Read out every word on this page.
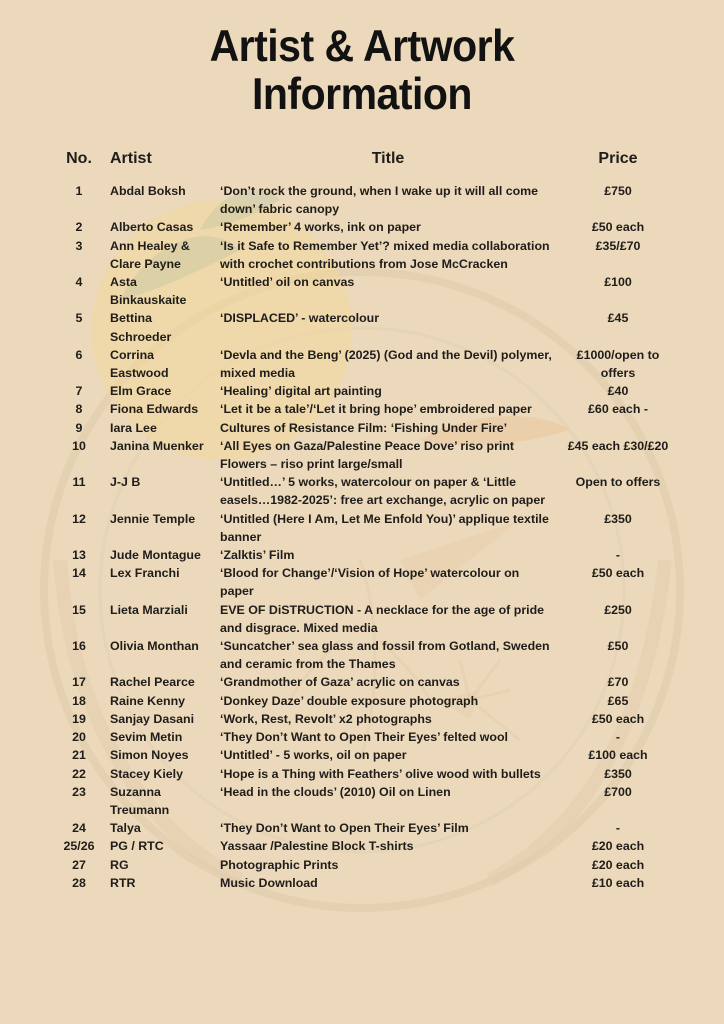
Artist & Artwork
Information
No.	Artist	Title	Price
1	Abdal Boksh	‘Don’t rock the ground, when I wake up it will all come down’ fabric canopy	£750
2	Alberto Casas	‘Remember’ 4 works, ink on paper	£50 each
3	Ann Healey & Clare Payne	‘Is it Safe to Remember Yet’? mixed media collaboration with crochet contributions from Jose McCracken	£35/£70
4	Asta Binkauskaite	‘Untitled’ oil on canvas	£100
5	Bettina Schroeder	‘DISPLACED’ - watercolour	£45
6	Corrina Eastwood	‘Devla and the Beng’ (2025) (God and the Devil) polymer, mixed media	£1000/open to offers
7	Elm Grace	‘Healing’ digital art painting	£40
8	Fiona Edwards	‘Let it be a tale’/‘Let it bring hope’ embroidered paper	£60 each -
9	Iara Lee	Cultures of Resistance Film: ‘Fishing Under Fire’	
10	Janina Muenker	‘All Eyes on Gaza/Palestine Peace Dove’ riso print Flowers – riso print large/small	£45 each £30/£20
11	J-J B	‘Untitled…’ 5 works, watercolour on paper & ‘Little easels…1982-2025’: free art exchange, acrylic on paper	Open to offers
12	Jennie Temple	‘Untitled (Here I Am, Let Me Enfold You)’ applique textile banner	£350
13	Jude Montague	‘Zalktis’ Film	-
14	Lex Franchi	‘Blood for Change’/‘Vision of Hope’ watercolour on paper	£50 each
15	Lieta Marziali	EVE OF DiSTRUCTION - A necklace for the age of pride and disgrace. Mixed media	£250
16	Olivia Monthan	‘Suncatcher’ sea glass and fossil from Gotland, Sweden and ceramic from the Thames	£50
17	Rachel Pearce	‘Grandmother of Gaza’ acrylic on canvas	£70
18	Raine Kenny	‘Donkey Daze’ double exposure photograph	£65
19	Sanjay Dasani	‘Work, Rest, Revolt’ x2 photographs	£50 each
20	Sevim Metin	‘They Don’t Want to Open Their Eyes’ felted wool	-
21	Simon Noyes	‘Untitled’ - 5 works, oil on paper	£100 each
22	Stacey Kiely	‘Hope is a Thing with Feathers’ olive wood with bullets	£350
23	Suzanna Treumann	‘Head in the clouds’ (2010) Oil on Linen	£700
24	Talya	‘They Don’t Want to Open Their Eyes’ Film	-
25/26	PG / RTC	Yassaar /Palestine Block T-shirts	£20 each
27	RG	Photographic Prints	£20 each
28	RTR	Music Download	£10 each
